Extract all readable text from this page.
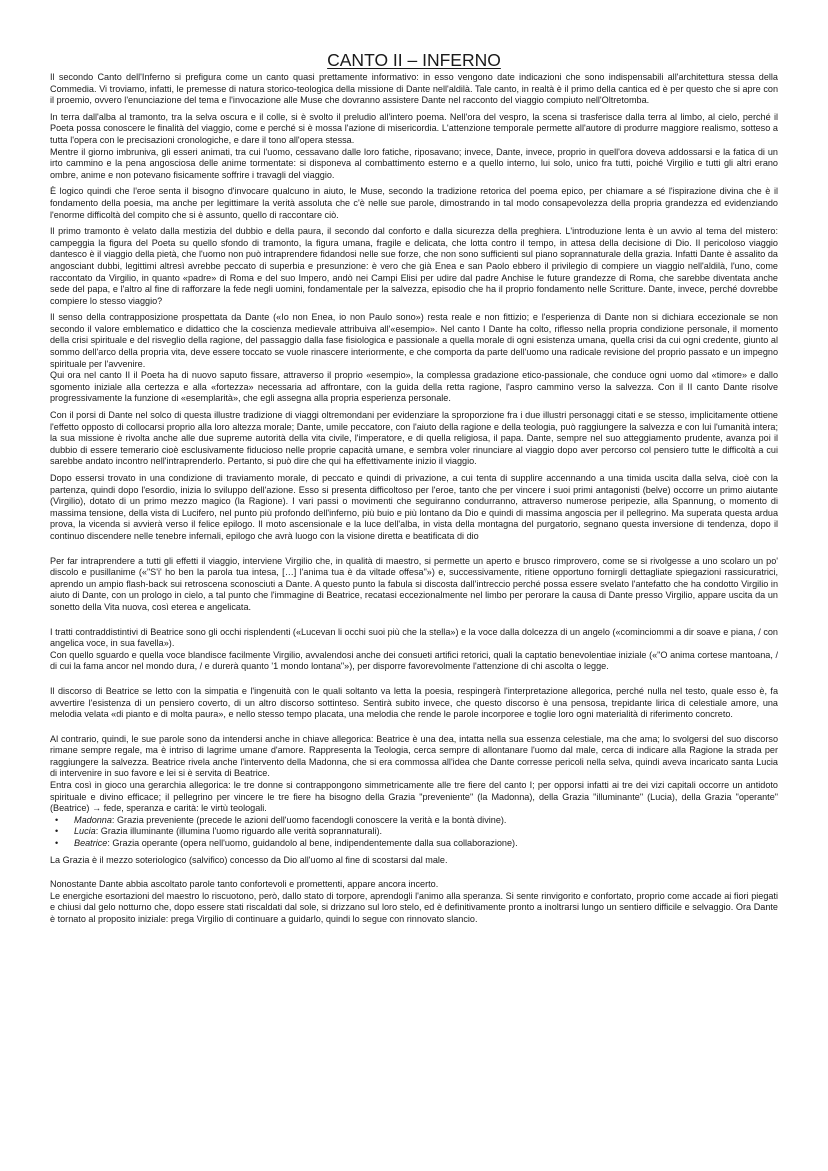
CANTO II – INFERNO

Il secondo Canto dell'Inferno si prefigura come un canto quasi prettamente informativo: in esso vengono date indicazioni che sono indispensabili all'architettura stessa della Commedia. Vi troviamo, infatti, le premesse di natura storico-teologica della missione di Dante nell'aldilà. Tale canto, in realtà è il primo della cantica ed è per questo che si apre con il proemio, ovvero l'enunciazione del tema e l'invocazione alle Muse che dovranno assistere Dante nel racconto del viaggio compiuto nell'Oltretomba.

In terra dall'alba al tramonto, tra la selva oscura e il colle, si è svolto il preludio all'intero poema. Nell'ora del vespro, la scena si trasferisce dalla terra al limbo, al cielo, perché il Poeta possa conoscere le finalità del viaggio, come e perché si è mossa l'azione di misericordia. L'attenzione temporale permette all'autore di produrre maggiore realismo, sotteso a tutta l'opera con le precisazioni cronologiche, e dare il tono all'opera stessa.

Mentre il giorno imbruniva, gli esseri animati, tra cui l'uomo, cessavano dalle loro fatiche, riposavano; invece, Dante, invece, proprio in quell'ora doveva addossarsi e la fatica di un irto cammino e la pena angosciosa delle anime tormentate: si disponeva al combattimento esterno e a quello interno, lui solo, unico fra tutti, poiché Virgilio e tutti gli altri erano ombre, anime e non potevano fisicamente soffrire i travagli del viaggio.

È logico quindi che l'eroe senta il bisogno d'invocare qualcuno in aiuto, le Muse, secondo la tradizione retorica del poema epico, per chiamare a sé l'ispirazione divina che è il fondamento della poesia, ma anche per legittimare la verità assoluta che c'è nelle sue parole, dimostrando in tal modo consapevolezza della propria grandezza ed evidenziando l'enorme difficoltà del compito che si è assunto, quello di raccontare ciò.

Il primo tramonto è velato dalla mestizia del dubbio e della paura, il secondo dal conforto e dalla sicurezza della preghiera. L'introduzione lenta è un avvio al tema del mistero: campeggia la figura del Poeta su quello sfondo di tramonto, la figura umana, fragile e delicata, che lotta contro il tempo, in attesa della decisione di Dio. Il pericoloso viaggio dantesco è il viaggio della pietà, che l'uomo non può intraprendere fidandosi nelle sue forze, che non sono sufficienti sul piano soprannaturale della grazia. Infatti Dante è assalito da angosciant dubbi, legittimi altresì avrebbe peccato di superbia e presunzione: è vero che già Enea e san Paolo ebbero il privilegio di compiere un viaggio nell'aldilà, l'uno, come raccontato da Virgilio, in quanto «padre» di Roma e del suo Impero, andò nei Campi Elisi per udire dal padre Anchise le future grandezze di Roma, che sarebbe diventata anche sede del papa, e l'altro al fine di rafforzare la fede negli uomini, fondamentale per la salvezza, episodio che ha il proprio fondamento nelle Scritture. Dante, invece, perché dovrebbe compiere lo stesso viaggio?

Il senso della contrapposizione prospettata da Dante («Io non Enea, io non Paulo sono») resta reale e non fittizio; e l'esperienza di Dante non si dichiara eccezionale se non secondo il valore emblematico e didattico che la coscienza medievale attribuiva all'«esempio». Nel canto I Dante ha colto, riflesso nella propria condizione personale, il momento della crisi spirituale e del risveglio della ragione, del passaggio dalla fase fisiologica e passionale a quella morale di ogni esistenza umana, quella crisi da cui ogni credente, giunto al sommo dell'arco della propria vita, deve essere toccato se vuole rinascere interiormente, e che comporta da parte dell'uomo una radicale revisione del proprio passato e un impegno spirituale per l'avvenire.

Qui ora nel canto II il Poeta ha di nuovo saputo fissare, attraverso il proprio «esempio», la complessa gradazione etico-passionale, che conduce ogni uomo dal «timore» e dallo sgomento iniziale alla certezza e alla «fortezza» necessaria ad affrontare, con la guida della retta ragione, l'aspro cammino verso la salvezza. Con il II canto Dante risolve progressivamente la funzione di «esemplarità», che egli assegna alla propria esperienza personale.

Con il porsi di Dante nel solco di questa illustre tradizione di viaggi oltremondani per evidenziare la sproporzione fra i due illustri personaggi citati e se stesso, implicitamente ottiene l'effetto opposto di collocarsi proprio alla loro altezza morale; Dante, umile peccatore, con l'aiuto della ragione e della teologia, può raggiungere la salvezza e con lui l'umanità intera; la sua missione è rivolta anche alle due supreme autorità della vita civile, l'imperatore, e di quella religiosa, il papa. Dante, sempre nel suo atteggiamento prudente, avanza poi il dubbio di essere temerario cioè esclusivamente fiducioso nelle proprie capacità umane, e sembra voler rinunciare al viaggio dopo aver percorso col pensiero tutte le difficoltà a cui sarebbe andato incontro nell'intraprenderlo. Pertanto, si può dire che qui ha effettivamente inizio il viaggio.

Dopo essersi trovato in una condizione di traviamento morale, di peccato e quindi di privazione, a cui tenta di supplire accennando a una timida uscita dalla selva, cioè con la partenza, quindi dopo l'esordio, inizia lo sviluppo dell'azione. Esso si presenta difficoltoso per l'eroe, tanto che per vincere i suoi primi antagonisti (belve) occorre un primo aiutante (Virgilio), dotato di un primo mezzo magico (la Ragione). I vari passi o movimenti che seguiranno condurranno, attraverso numerose peripezie, alla Spannung, o momento di massima tensione, della vista di Lucifero, nel punto più profondo dell'inferno, più buio e più lontano da Dio e quindi di massima angoscia per il pellegrino. Ma superata questa ardua prova, la vicenda si avvierà verso il felice epilogo. Il moto ascensionale e la luce dell'alba, in vista della montagna del purgatorio, segnano questa inversione di tendenza, dopo il continuo discendere nelle tenebre infernali, epilogo che avrà luogo con la visione diretta e beatificata di dio

Per far intraprendere a tutti gli effetti il viaggio, interviene Virgilio che, in qualità di maestro, si permette un aperto e brusco rimprovero, come se si rivolgesse a uno scolaro un po' discolo e pusillanime («"S'i' ho ben la parola tua intesa, […] l'anima tua è da viltade offesa"») e, successivamente, ritiene opportuno fornirgli dettagliate spiegazioni rassicuratrici, aprendo un ampio flash-back sui retroscena sconosciuti a Dante. A questo punto la fabula si discosta dall'intreccio perché possa essere svelato l'antefatto che ha condotto Virgilio in aiuto di Dante, con un prologo in cielo, a tal punto che l'immagine di Beatrice, recatasi eccezionalmente nel limbo per perorare la causa di Dante presso Virgilio, appare uscita da un sonetto della Vita nuova, così eterea e angelicata.

I tratti contraddistintivi di Beatrice sono gli occhi risplendenti («Lucevan li occhi suoi più che la stella») e la voce dalla dolcezza di un angelo («cominciommi a dir soave e piana, / con angelica voce, in sua favella»).

Con quello sguardo e quella voce blandisce facilmente Virgilio, avvalendosi anche dei consueti artifici retorici, quali la captatio benevolentiae iniziale («"O anima cortese mantoana, / di cui la fama ancor nel mondo dura, / e durerà quanto '1 mondo lontana"»), per disporre favorevolmente l'attenzione di chi ascolta o legge.

Il discorso di Beatrice se letto con la simpatia e l'ingenuità con le quali soltanto va letta la poesia, respingerà l'interpretazione allegorica, perché nulla nel testo, quale esso è, fa avvertire l'esistenza di un pensiero coverto, di un altro discorso sottinteso. Sentirà subito invece, che questo discorso è una pensosa, trepidante lirica di celestiale amore, una melodia velata «di pianto e di molta paura», e nello stesso tempo placata, una melodia che rende le parole incorporee e toglie loro ogni materialità di riferimento concreto.

Al contrario, quindi, le sue parole sono da intendersi anche in chiave allegorica: Beatrice è una dea, intatta nella sua essenza celestiale, ma che ama; lo svolgersi del suo discorso rimane sempre regale, ma è intriso di lagrime umane d'amore. Rappresenta la Teologia, cerca sempre di allontanare l'uomo dal male, cerca di indicare alla Ragione la strada per raggiungere la salvezza. Beatrice rivela anche l'intervento della Madonna, che si era commossa all'idea che Dante corresse pericoli nella selva, quindi aveva incaricato santa Lucia di intervenire in suo favore e lei si è servita di Beatrice.

Entra così in gioco una gerarchia allegorica: le tre donne si contrappongono simmetricamente alle tre fiere del canto I; per opporsi infatti ai tre dei vizi capitali occorre un antidoto spirituale e divino efficace; il pellegrino per vincere le tre fiere ha bisogno della Grazia "preveniente" (la Madonna), della Grazia "illuminante" (Lucia), della Grazia "operante" (Beatrice) → fede, speranza e carità: le virtù teologali.

• Madonna: Grazia preveniente (precede le azioni dell'uomo facendogli conoscere la verità e la bontà divine).
• Lucia: Grazia illuminante (illumina l'uomo riguardo alle verità soprannaturali).
• Beatrice: Grazia operante (opera nell'uomo, guidandolo al bene, indipendentemente dalla sua collaborazione).

La Grazia è il mezzo soteriologico (salvifico) concesso da Dio all'uomo al fine di scostarsi dal male.

Nonostante Dante abbia ascoltato parole tanto confortevoli e promettenti, appare ancora incerto.

Le energiche esortazioni del maestro lo riscuotono, però, dallo stato di torpore, aprendogli l'animo alla speranza. Si sente rinvigorito e confortato, proprio come accade ai fiori piegati e chiusi dal gelo notturno che, dopo essere stati riscaldati dal sole, si drizzano sul loro stelo, ed è definitivamente pronto a inoltrarsi lungo un sentiero difficile e selvaggio. Ora Dante è tornato al proposito iniziale: prega Virgilio di continuare a guidarlo, quindi lo segue con rinnovato slancio.
